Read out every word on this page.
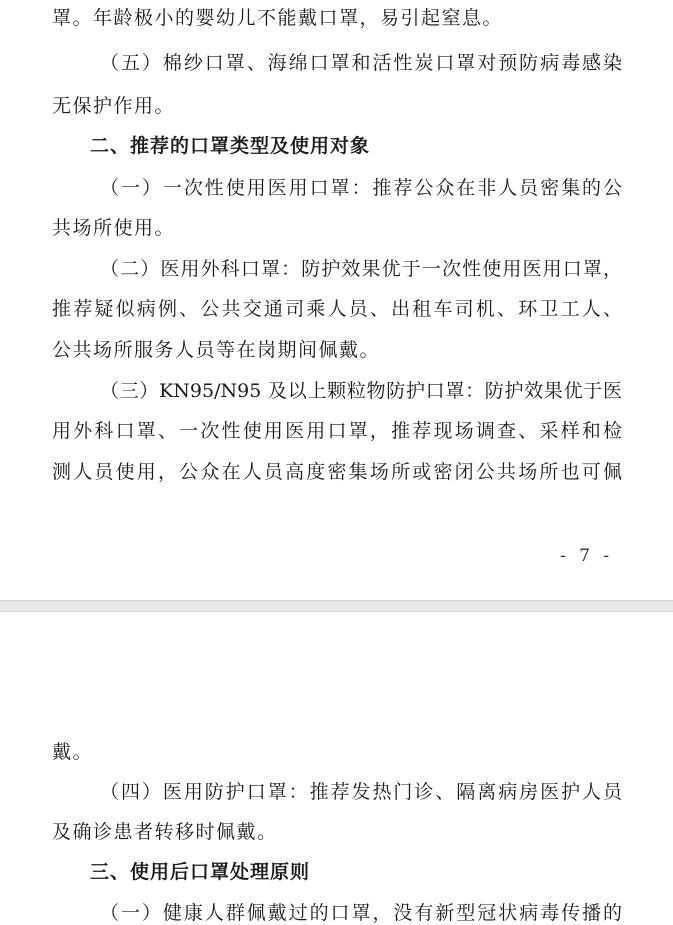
罩。年龄极小的婴幼儿不能戴口罩，易引起窒息。
（五）棉纱口罩、海绵口罩和活性炭口罩对预防病毒感染
无保护作用。
二、推荐的口罩类型及使用对象
（一）一次性使用医用口罩：推荐公众在非人员密集的公
共场所使用。
（二）医用外科口罩：防护效果优于一次性使用医用口罩，
推荐疑似病例、公共交通司乘人员、出租车司机、环卫工人、
公共场所服务人员等在岗期间佩戴。
（三）KN95/N95 及以上颗粒物防护口罩：防护效果优于医
用外科口罩、一次性使用医用口罩，推荐现场调查、采样和检
测人员使用，公众在人员高度密集场所或密闭公共场所也可佩
- 7 -
戴。
（四）医用防护口罩：推荐发热门诊、隔离病房医护人员
及确诊患者转移时佩戴。
三、使用后口罩处理原则
（一）健康人群佩戴过的口罩，没有新型冠状病毒传播的
